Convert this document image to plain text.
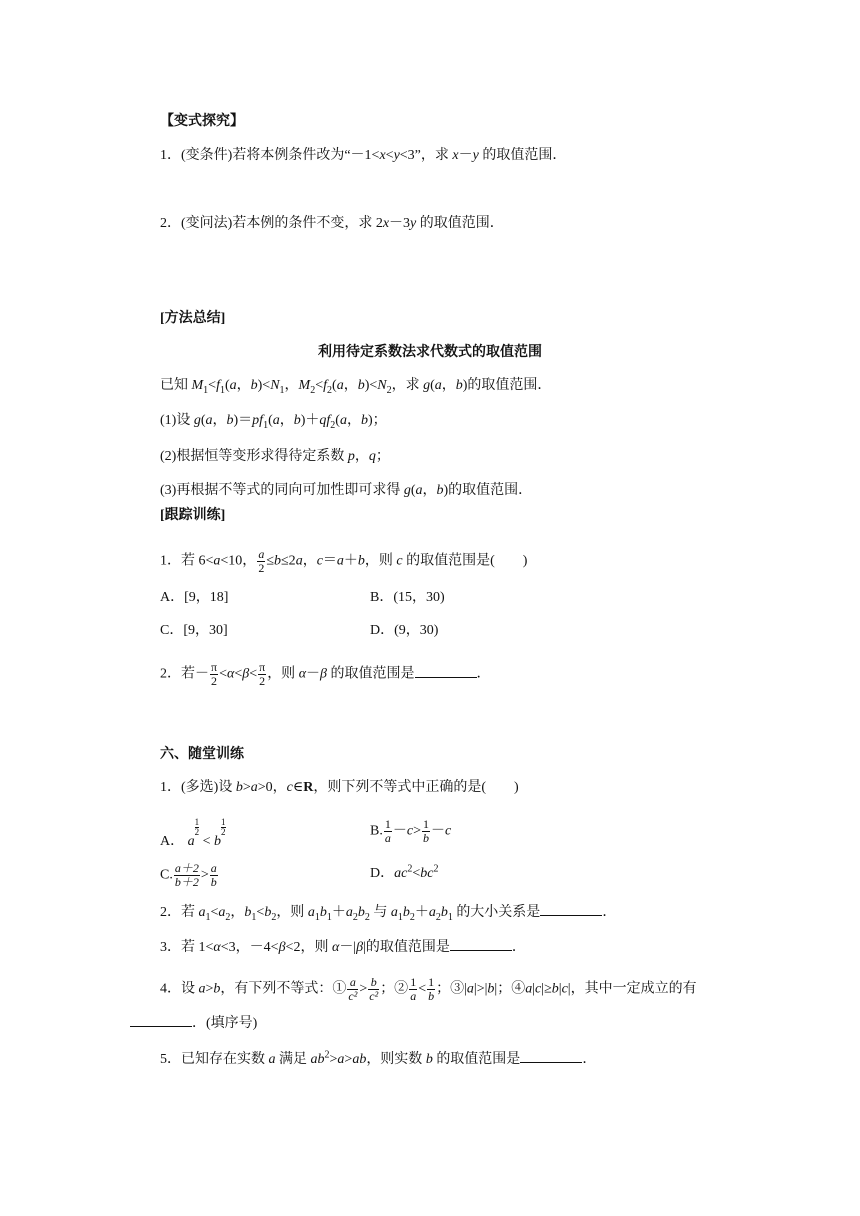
【变式探究】
1．(变条件)若将本例条件改为“－1<x<y<3”，求 x－y 的取值范围．
2．(变问法)若本例的条件不变，求 2x－3y 的取值范围．
[方法总结]
利用待定系数法求代数式的取值范围
已知 $M_1<f_1(a$，$b)<N_1$，$M_2<f_2(a$，$b)<N_2$，求 g(a，b)的取值范围．
(1)设 g(a，$b)=pf_1(a$，$b)+qf_2(a$，b)；
(2)根据恒等变形求得待定系数 p，q；
(3)再根据不等式的同向可加性即可求得 g(a，b)的取值范围．
[跟踪训练]
1．若 6<a<10， $\frac{a}{2} \le b\le 2a$，c＝a＋b，则 c 的取值范围是(　　)
A．[9，18]	B．(15，30)
C．[9，30]	D．(9，30)
2．若－ $\frac{\pi}{2} <\alpha<\beta< \frac{\pi}{2}$ ，则 α－β 的取值范围是	．
六、随堂训练
1．(多选)设 b>a>0，c∈R，则下列不等式中正确的是(　　)
A． a
$\frac{1}{2}$
< b
$\frac{1}{2}$	B. $\frac{1}{a} -c> \frac{1}{b} -c$
C. $\frac{a+2}{b+2} > \frac{a}{b}$	D．$ac^2<bc^2$
2．若 $a_1<a_2$，$b_1<b_2$，则 $a_1b_1+a_2b_2$ 与 $a_1b_2+a_2b_1$ 的大小关系是	．
3．若 1<α<3，－4<β<2，则 α－|β|的取值范围是	．
4．设 a>b，有下列不等式：① $\frac{a}{\text{c²}} > \frac{b}{\text{c²}}$ ；② $\frac{1}{a} < \frac{1}{b}$ ；③|a|>|b|；④a|c|≥b|c|，其中一定成立的有
．(填序号)
5．已知存在实数 a 满足 $ab^2>a>ab$，则实数 b 的取值范围是	．
